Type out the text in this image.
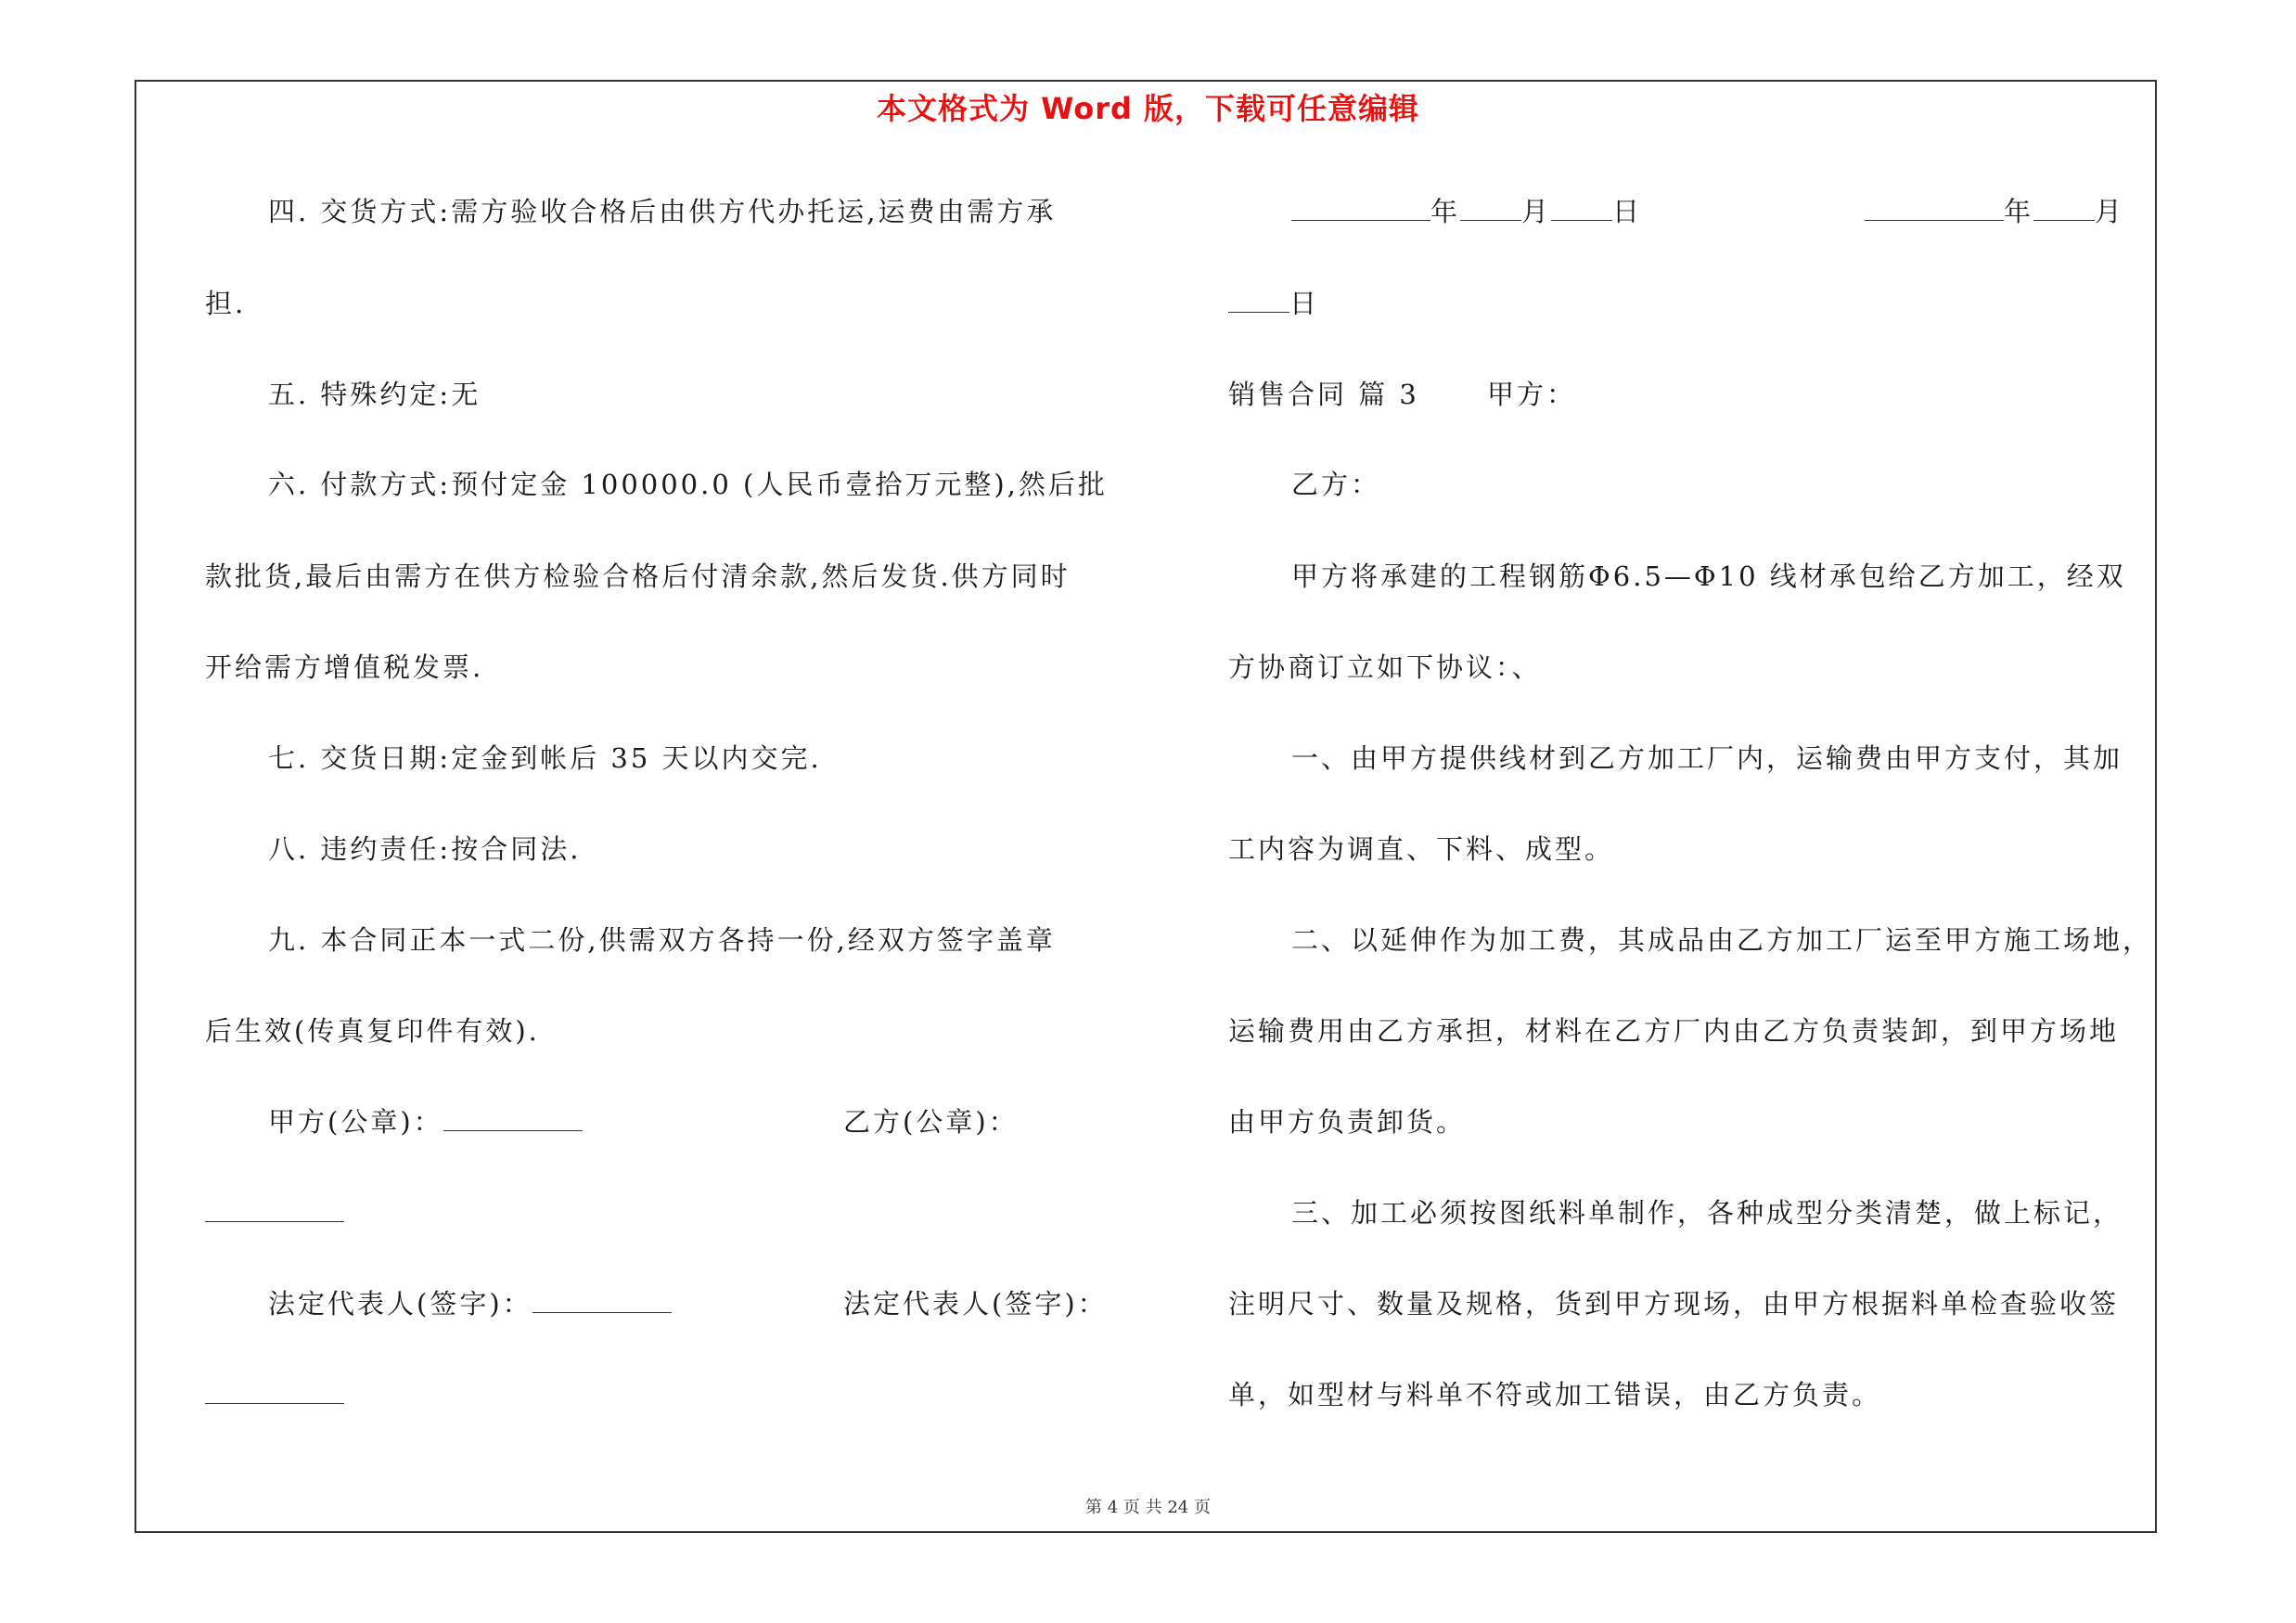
本文格式为 Word 版，下载可任意编辑
四. 交货方式:需方验收合格后由供方代办托运,运费由需方承
担.
五. 特殊约定:无
六. 付款方式:预付定金 100000.0 (人民币壹拾万元整),然后批
款批货,最后由需方在供方检验合格后付清余款,然后发货.供方同时
开给需方增值税发票.
七. 交货日期:定金到帐后 35 天以内交完.
八. 违约责任:按合同法.
九. 本合同正本一式二份,供需双方各持一份,经双方签字盖章
后生效(传真复印件有效).
甲方(公章)：	乙方(公章)：
法定代表人(签字)：	法定代表人(签字)：
年 月 日	年 月
日
销售合同 篇 3	甲方：
乙方：
甲方将承建的工程钢筋Φ6.5—Φ10 线材承包给乙方加工，经双
方协商订立如下协议：、
一、由甲方提供线材到乙方加工厂内，运输费由甲方支付，其加
工内容为调直、下料、成型。
二、以延伸作为加工费，其成品由乙方加工厂运至甲方施工场地，
运输费用由乙方承担，材料在乙方厂内由乙方负责装卸，到甲方场地
由甲方负责卸货。
三、加工必须按图纸料单制作，各种成型分类清楚，做上标记，
注明尺寸、数量及规格，货到甲方现场，由甲方根据料单检查验收签
单，如型材与料单不符或加工错误，由乙方负责。
第 4 页 共 24 页
